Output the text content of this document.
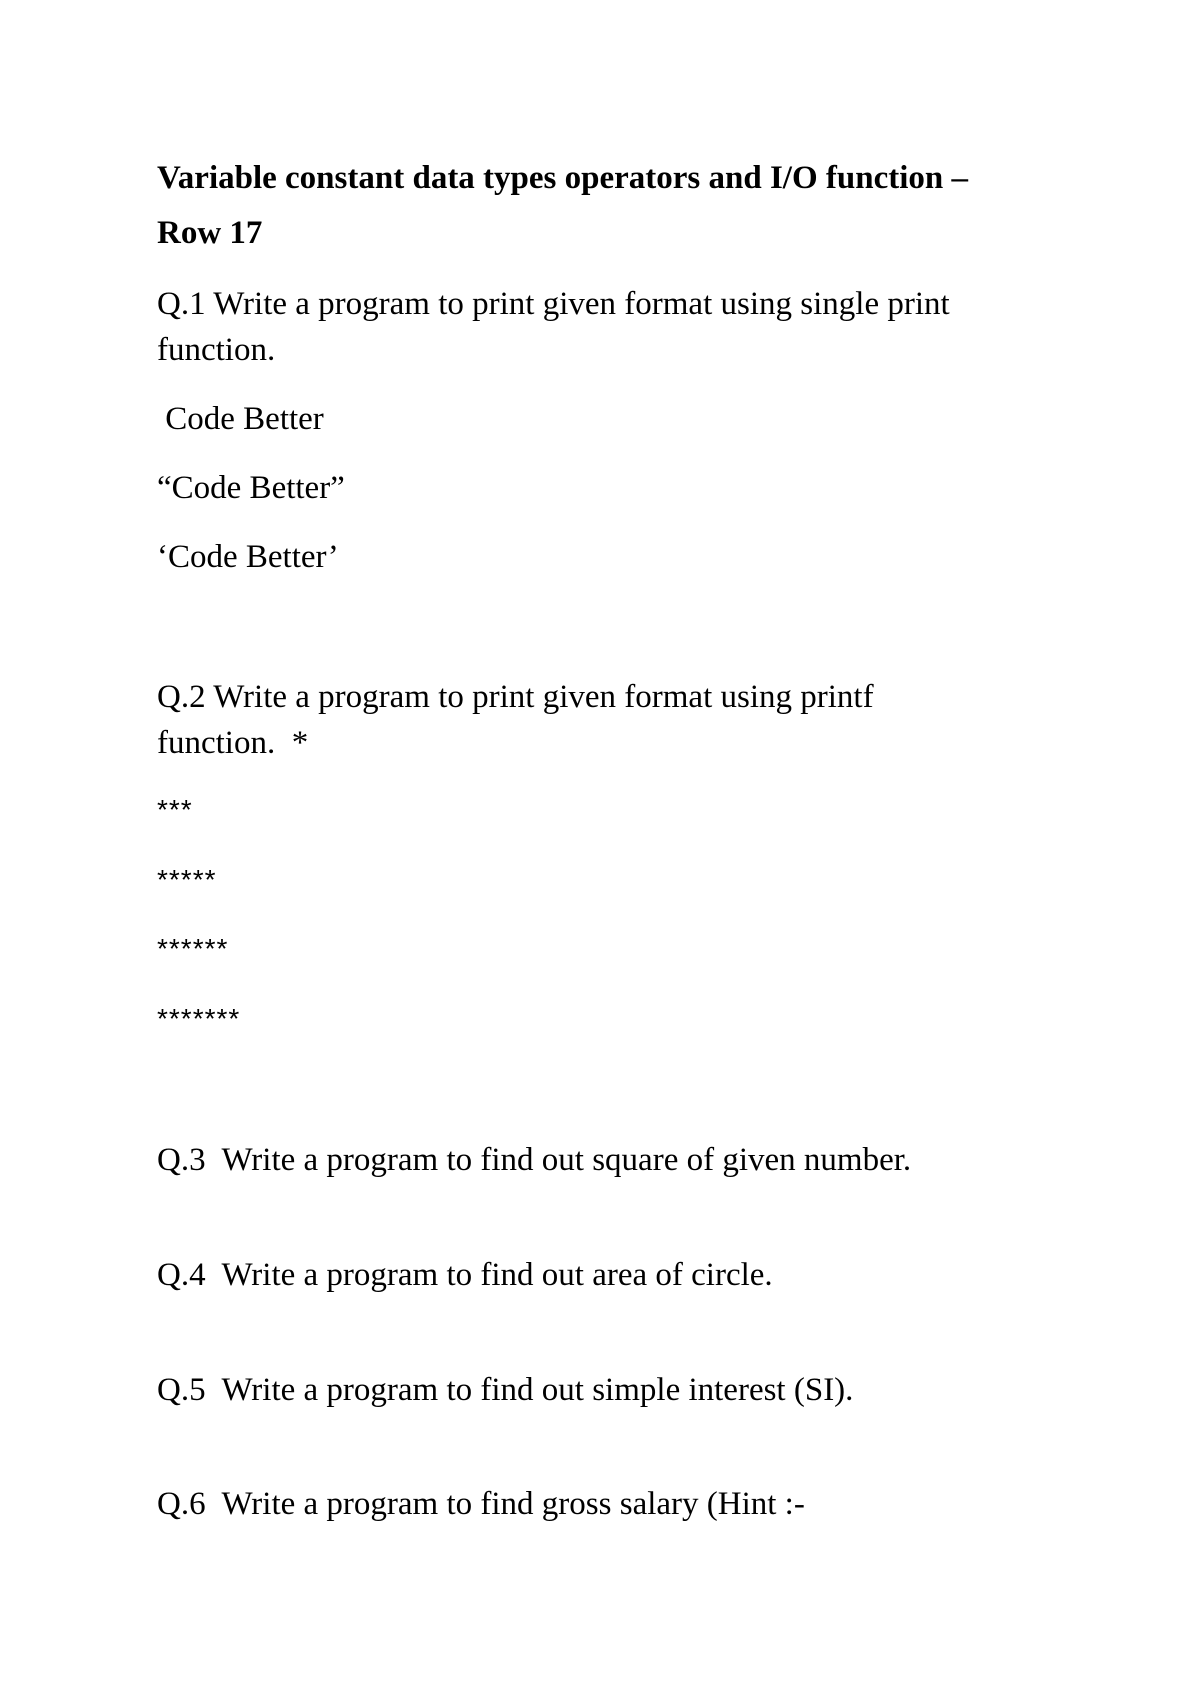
Variable constant data types operators and I/O function –
Row 17
Q.1 Write a program to print given format using single print
function.
Code Better
“Code Better”
‘Code Better’
Q.2 Write a program to print given format using printf
function.  *
***
*****
******
*******
Q.3  Write a program to find out square of given number.
Q.4  Write a program to find out area of circle.
Q.5  Write a program to find out simple interest (SI).
Q.6  Write a program to find gross salary (Hint :-
